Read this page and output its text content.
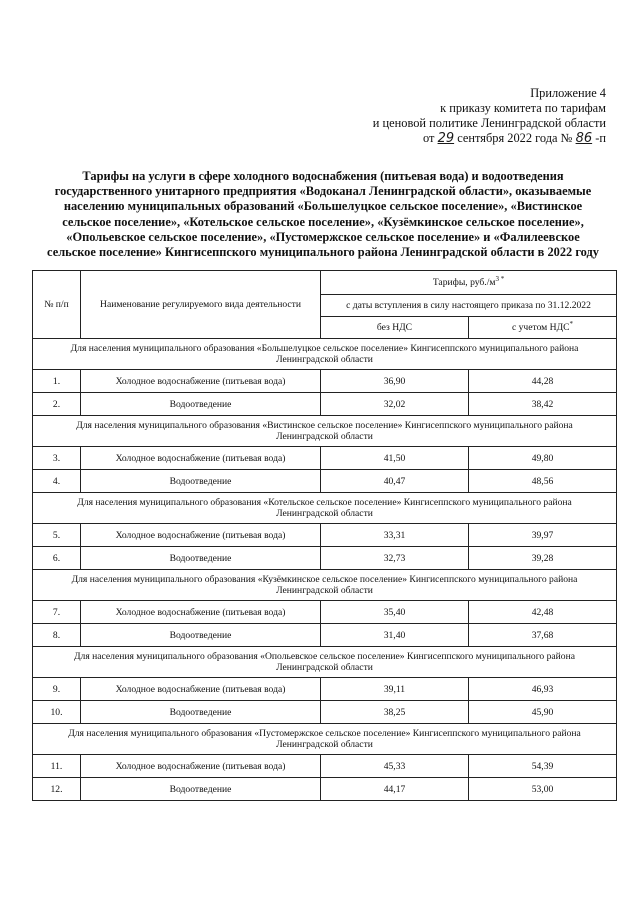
Приложение 4
к приказу комитета по тарифам
и ценовой политике Ленинградской области
от 29 сентября 2022 года № 86 -п
Тарифы на услуги в сфере холодного водоснабжения (питьевая вода) и водоотведения
государственного унитарного предприятия «Водоканал Ленинградской области», оказываемые
населению муниципальных образований «Большелуцкое сельское поселение», «Вистинское
сельское поселение», «Котельское сельское поселение», «Кузёмкинское сельское поселение»,
«Опольевское сельское поселение», «Пустомержское сельское поселение» и «Фалилеевское
сельское поселение» Кингисеппского муниципального района Ленинградской области в 2022 году
№ п/п	Наименование регулируемого вида деятельности	Тарифы, $руб./м^{3 *}$
		с даты вступления в силу настоящего приказа по 31.12.2022	
		без НДС	с учетом НДС*

Для населения муниципального образования «Большелуцкое сельское поселение» Кингисеппского муниципального района
Ленинградской области			

1.	Холодное водоснабжение (питьевая вода)	36,90	44,28
2.	Водоотведение	32,02	38,42

Для населения муниципального образования «Вистинское сельское поселение» Кингисеппского муниципального района
Ленинградской области			

3.	Холодное водоснабжение (питьевая вода)	41,50	49,80
4.	Водоотведение	40,47	48,56

Для населения муниципального образования «Котельское сельское поселение» Кингисеппского муниципального района
Ленинградской области			

5.	Холодное водоснабжение (питьевая вода)	33,31	39,97
6.	Водоотведение	32,73	39,28

Для населения муниципального образования «Кузёмкинское сельское поселение» Кингисеппского муниципального района
Ленинградской области			

7.	Холодное водоснабжение (питьевая вода)	35,40	42,48
8.	Водоотведение	31,40	37,68

Для населения муниципального образования «Опольевское сельское поселение» Кингисеппского муниципального района
Ленинградской области			

9.	Холодное водоснабжение (питьевая вода)	39,11	46,93
10.	Водоотведение	38,25	45,90

Для населения муниципального образования «Пустомержское сельское поселение» Кингисеппского муниципального района
Ленинградской области			

11.	Холодное водоснабжение (питьевая вода)	45,33	54,39
12.	Водоотведение	44,17	53,00
